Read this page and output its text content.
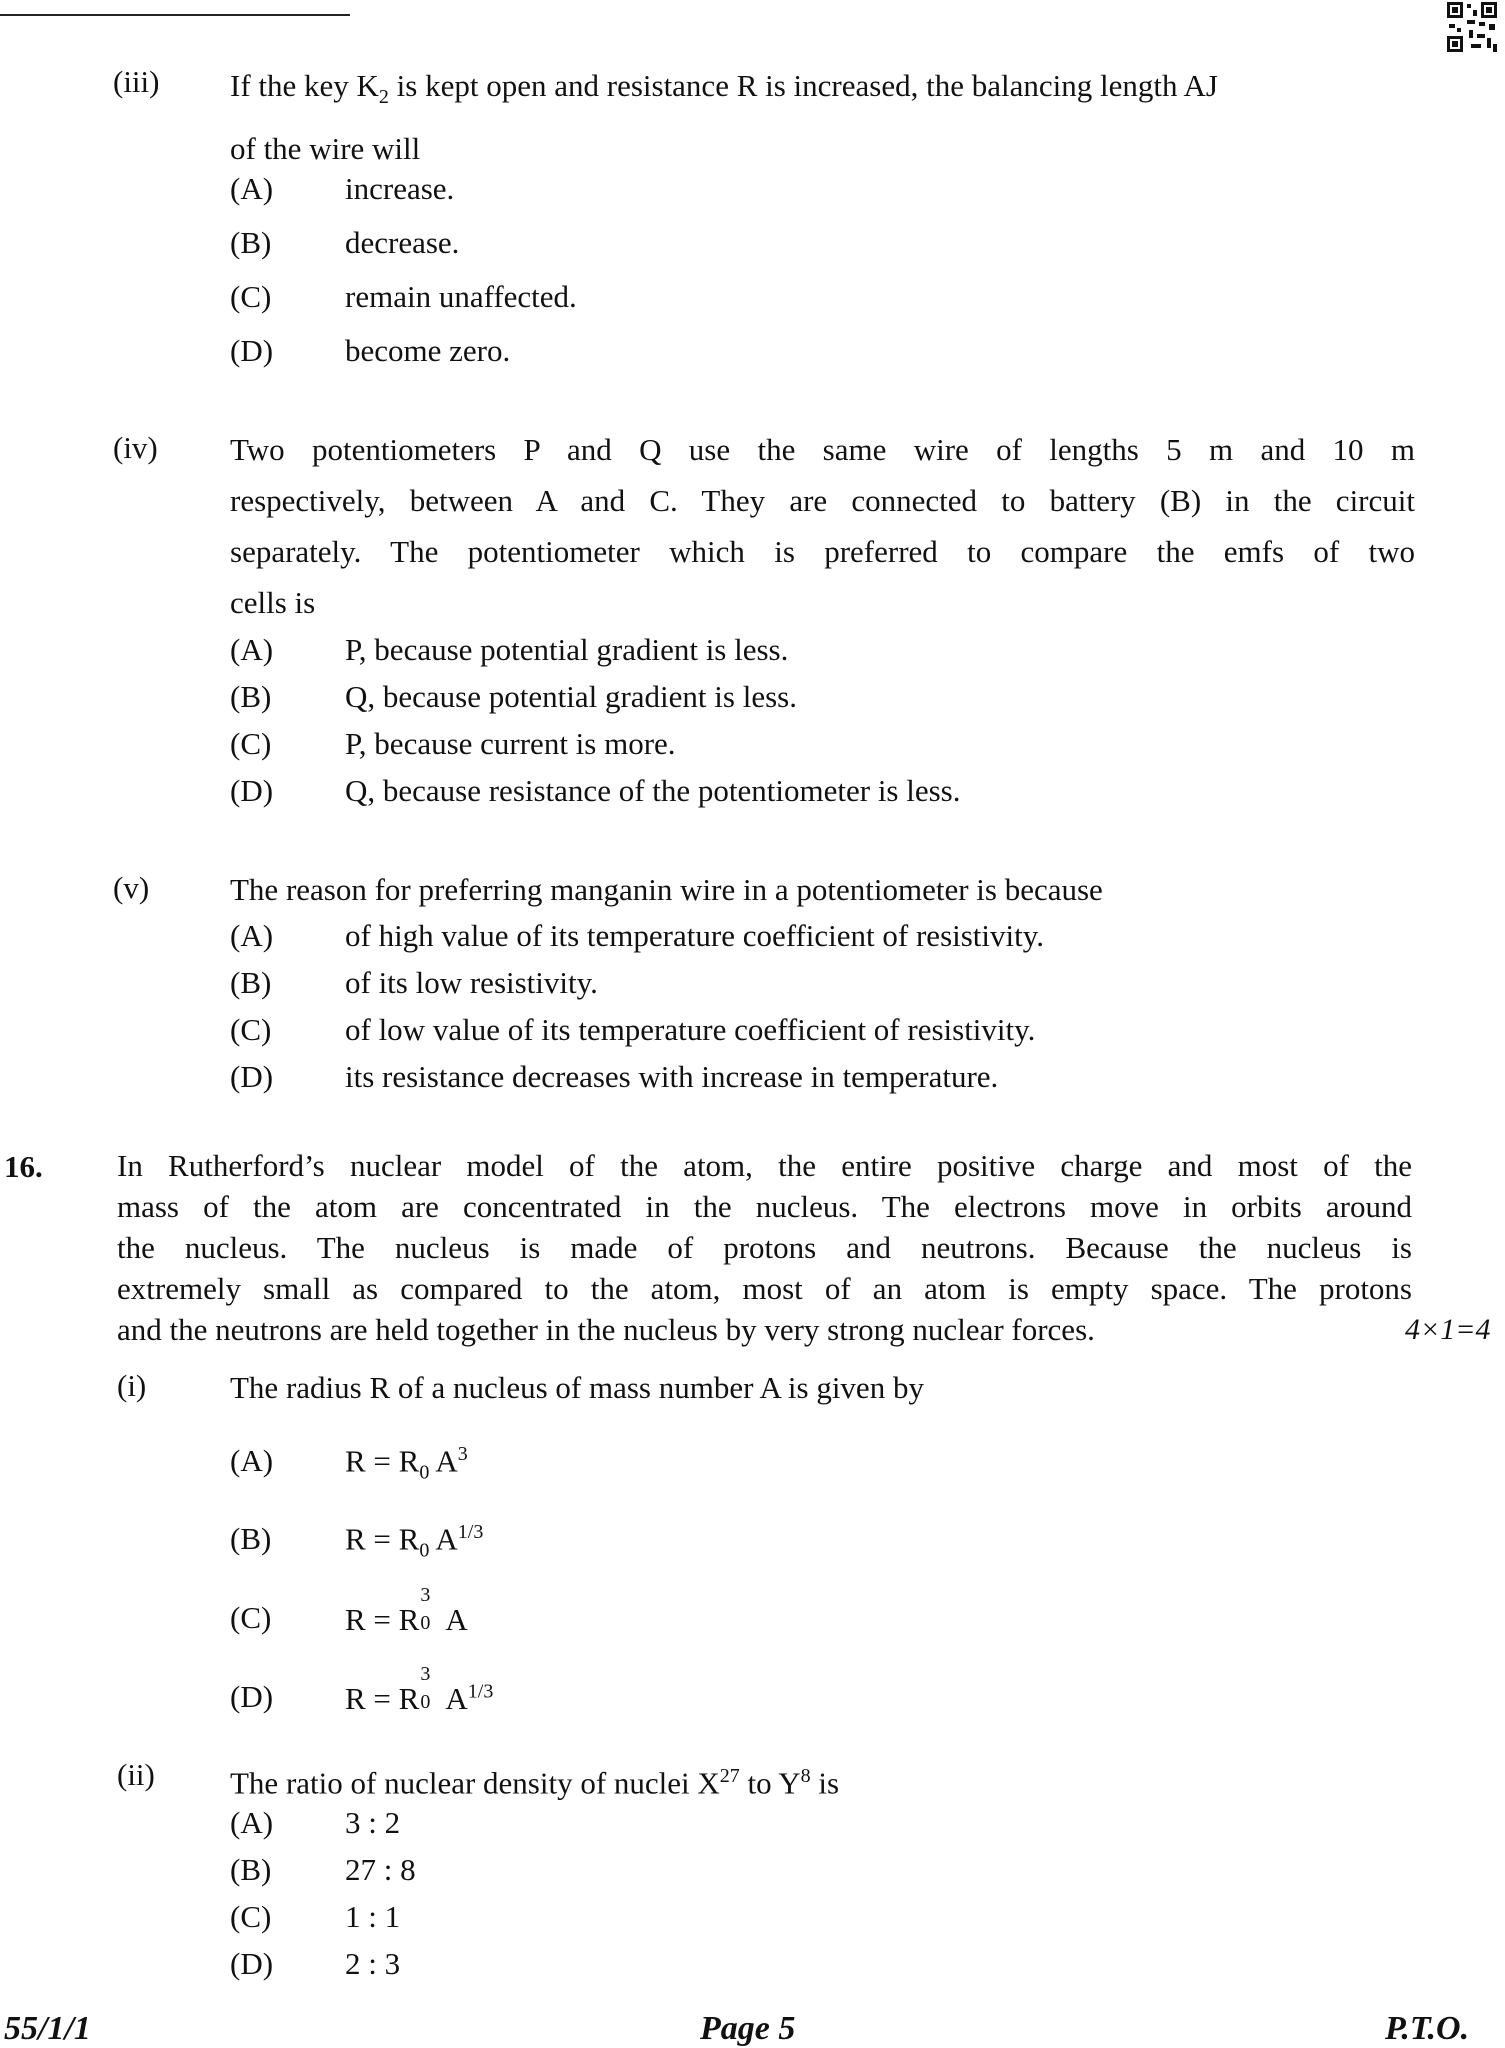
(iii) If the key $K_2$ is kept open and resistance R is increased, the balancing length AJ
of the wire will
(A) increase.
(B) decrease.
(C) remain unaffected.
(D) become zero.
(iv) Two potentiometers P and Q use the same wire of lengths 5 m and 10 m
respectively, between A and C. They are connected to battery (B) in the circuit
separately. The potentiometer which is preferred to compare the emfs of two
cells is
(A) P, because potential gradient is less.
(B) Q, because potential gradient is less.
(C) P, because current is more.
(D) Q, because resistance of the potentiometer is less.
(v)	The reason for preferring manganin wire in a potentiometer is because
(A) of high value of its temperature coefficient of resistivity.
(B) of its low resistivity.
(C) of low value of its temperature coefficient of resistivity.
(D) its resistance decreases with increase in temperature.
16. In Rutherford’s nuclear model of the atom, the entire positive charge and most of the
mass of the atom are concentrated in the nucleus. The electrons move in orbits around
the nucleus. The nucleus is made of protons and neutrons. Because the nucleus is
extremely small as compared to the atom, most of an atom is empty space. The protons
and the neutrons are held together in the nucleus by very strong nuclear forces.	4×1=4
(i)	The radius R of a nucleus of mass number A is given by
(A) $R = R_0$ $A^3$
(B) $R = R_0$ $A^{1/3}$
(C) R = R
3
0 A
(D) R = R
3
0 $A^{1/3}$
(ii) The ratio of nuclear density of nuclei $X^{27}$ to $Y^8$ is
(A) 3 : 2
(B) 27 : 8
(C) 1 : 1
(D) 2 : 3
55/1/1	Page 5	P.T.O.
